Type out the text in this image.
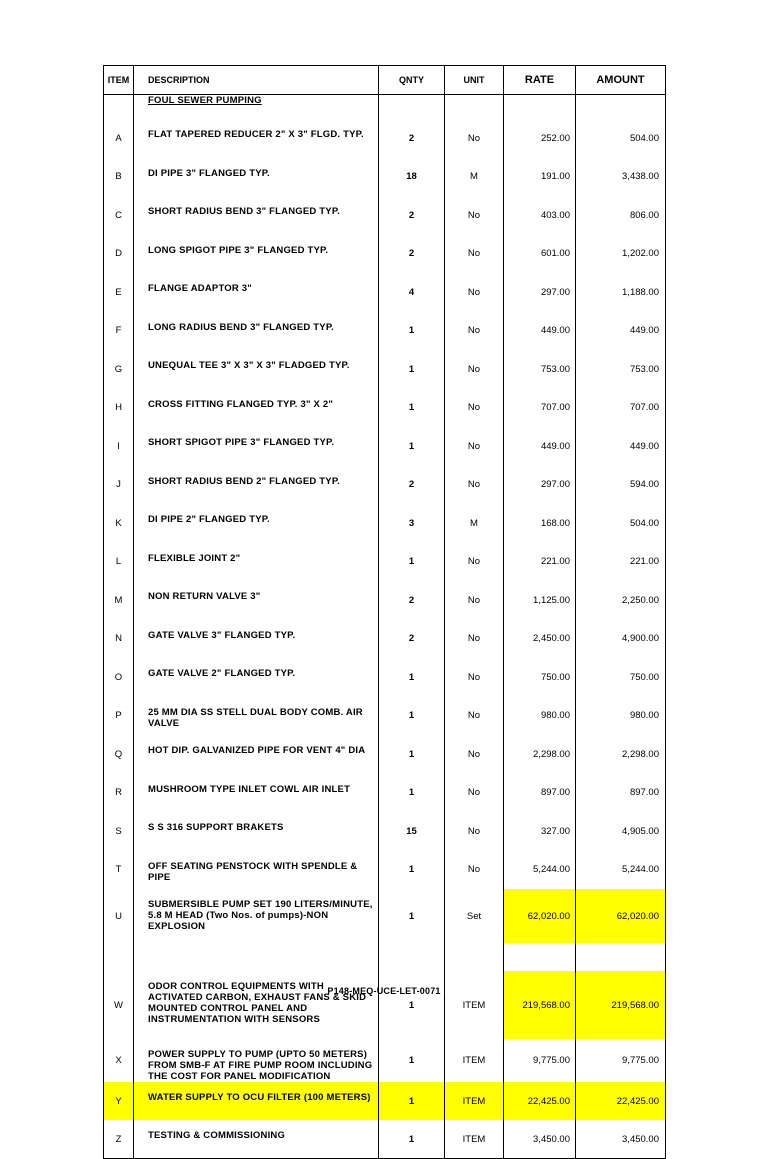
ITEM	DESCRIPTION	QNTY	UNIT	RATE	AMOUNT
	FOUL SEWER PUMPING				
A	FLAT TAPERED REDUCER 2" X 3" FLGD. TYP.	2	No	252.00	504.00
B	DI PIPE 3" FLANGED TYP.	18	M	191.00	3,438.00
C	SHORT RADIUS BEND 3" FLANGED TYP.	2	No	403.00	806.00
D	LONG SPIGOT PIPE 3" FLANGED TYP.	2	No	601.00	1,202.00
E	FLANGE ADAPTOR 3"	4	No	297.00	1,188.00
F	LONG RADIUS BEND 3" FLANGED TYP.	1	No	449.00	449.00
G	UNEQUAL TEE 3" X 3" X 3" FLADGED TYP.	1	No	753.00	753.00
H	CROSS FITTING FLANGED TYP. 3" X 2"	1	No	707.00	707.00
I	SHORT SPIGOT PIPE 3" FLANGED TYP.	1	No	449.00	449.00
J	SHORT RADIUS BEND 2" FLANGED TYP.	2	No	297.00	594.00
K	DI PIPE 2" FLANGED TYP.	3	M	168.00	504.00
L	FLEXIBLE JOINT 2"	1	No	221.00	221.00
M	NON RETURN VALVE 3"	2	No	1,125.00	2,250.00
N	GATE VALVE 3" FLANGED TYP.	2	No	2,450.00	4,900.00
O	GATE VALVE 2" FLANGED TYP.	1	No	750.00	750.00
P	25 MM DIA SS STELL DUAL BODY COMB. AIR VALVE	1	No	980.00	980.00
Q	HOT DIP. GALVANIZED PIPE FOR VENT 4" DIA	1	No	2,298.00	2,298.00
R	MUSHROOM TYPE INLET COWL AIR INLET	1	No	897.00	897.00
S	S S 316 SUPPORT BRAKETS	15	No	327.00	4,905.00
T	OFF SEATING PENSTOCK WITH SPENDLE & PIPE	1	No	5,244.00	5,244.00
U	SUBMERSIBLE PUMP SET 190 LITERS/MINUTE, 5.8 M HEAD (Two Nos. of pumps)-NON EXPLOSION	1	Set	62,020.00	62,020.00

W	ODOR CONTROL EQUIPMENTS WITH ACTIVATED CARBON, EXHAUST FANS & SKID MOUNTED CONTROL PANEL AND INSTRUMENTATION WITH SENSORS	1	ITEM	219,568.00	219,568.00
X	POWER SUPPLY TO PUMP (UPTO 50 METERS) FROM SMB-F AT FIRE PUMP ROOM INCLUDING THE COST FOR PANEL MODIFICATION	1	ITEM	9,775.00	9,775.00
Y	WATER SUPPLY TO OCU FILTER (100 METERS)	1	ITEM	22,425.00	22,425.00
Z	TESTING & COMMISSIONING	1	ITEM	3,450.00	3,450.00
P148-MEQ-UCE-LET-0071
